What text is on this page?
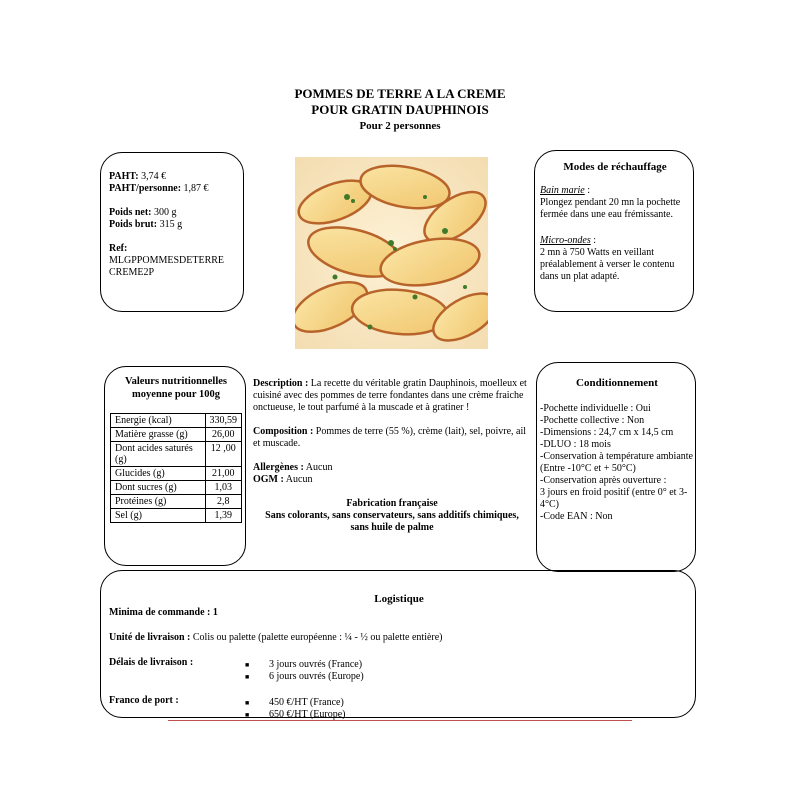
POMMES DE TERRE A LA CREME
POUR GRATIN DAUPHINOIS
Pour 2 personnes
PAHT: 3,74 €
PAHT/personne: 1,87 €
Poids net: 300 g
Poids brut: 315 g
Ref:
MLGPPOMMESDETERRE
CREME2P
Modes de réchauffage
Bain marie :
Plongez pendant 20 mn la pochette fermée dans une eau frémissante.
Micro-ondes :
2 mn à 750 Watts en veillant préalablement à verser le contenu dans un plat adapté.
Valeurs nutritionnelles
moyenne pour 100g
Energie (kcal)	330,59
Matière grasse (g)	26,00
Dont acides saturés (g)	12 ,00
Glucides (g)	21,00
Dont sucres (g)	1,03
Protéines (g)	2,8
Sel (g)	1,39
Description : La recette du véritable gratin Dauphinois, moelleux et cuisiné avec des pommes de terre fondantes dans une crème fraiche onctueuse, le tout parfumé à la muscade et à gratiner !
Composition : Pommes de terre (55 %), crème (lait), sel, poivre, ail et muscade.
Allergènes : Aucun
OGM : Aucun
Fabrication française
Sans colorants, sans conservateurs, sans additifs chimiques, sans huile de palme
Conditionnement
-Pochette individuelle : Oui
-Pochette collective : Non
-Dimensions : 24,7 cm x 14,5 cm
-DLUO : 18 mois
-Conservation à température ambiante
(Entre -10°C et + 50°C)
-Conservation après ouverture :
3 jours en froid positif (entre 0° et 3-4°C)
-Code EAN : Non
Logistique
Minima de commande : 1
Unité de livraison : Colis ou palette (palette européenne : ¼ - ½ ou palette entière)
Délais de livraison :	■ 3 jours ouvrés (France)
■ 6 jours ouvrés (Europe)
Franco de port :	■ 450 €/HT (France)
■ 650 €/HT (Europe)
